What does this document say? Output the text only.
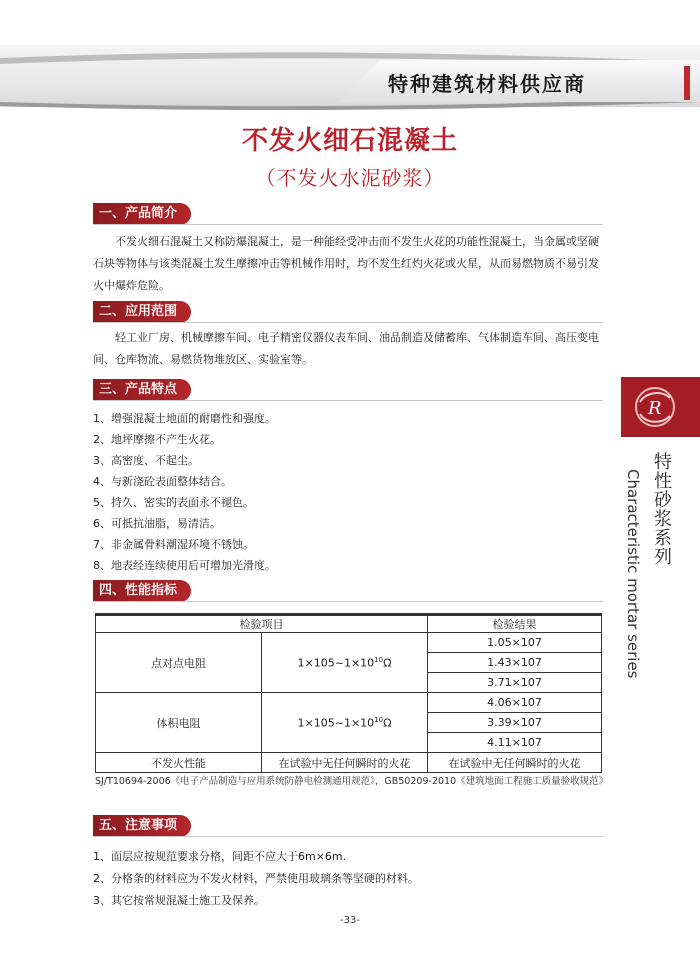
特种建筑材料供应商
不发火细石混凝土
（不发火水泥砂浆）
一、产品简介
不发火细石混凝土又称防爆混凝土，是一种能经受冲击而不发生火花的功能性混凝土，当金属或坚硬石块等物体与该类混凝土发生摩擦冲击等机械作用时，均不发生红灼火花或火星，从而易燃物质不易引发火中爆炸危险。
二、应用范围
轻工业厂房、机械摩擦车间、电子精密仪器仪表车间、油品制造及储蓄库、气体制造车间、高压变电间、仓库物流、易燃货物堆放区、实验室等。
三、产品特点
1、增强混凝土地面的耐磨性和强度。
2、地坪摩擦不产生火花。
3、高密度、不起尘。
4、与新浇砼表面整体结合。
5、持久、密实的表面永不褪色。
6、可抵抗油脂，易清洁。
7、非金属骨料潮湿环境不锈蚀。
8、地表经连续使用后可增加光滑度。
四、性能指标
检验项目		检验结果
点对点电阻	$1\times 105\sim 1\times 10^{10}\Omega$	1.05×107
		1.43×107
		3.71×107
体积电阻	$1\times 105\sim 1\times 10^{10}\Omega$	4.06×107
		3.39×107
		4.11×107
不发火性能	在试验中无任何瞬时的火花	在试验中无任何瞬时的火花
SJ/T10694-2006《电子产品制造与应用系统防静电检测通用规范》，GB50209-2010《建筑地面工程施工质量验收规范》
五、注意事项
1、面层应按规范要求分格，间距不应大于6m×6m.
2、分格条的材料应为不发火材料，严禁使用玻璃条等坚硬的材料。
3、其它按常规混凝土施工及保养。
-33-
R
特性砂浆系列
Characteristic mortar series
